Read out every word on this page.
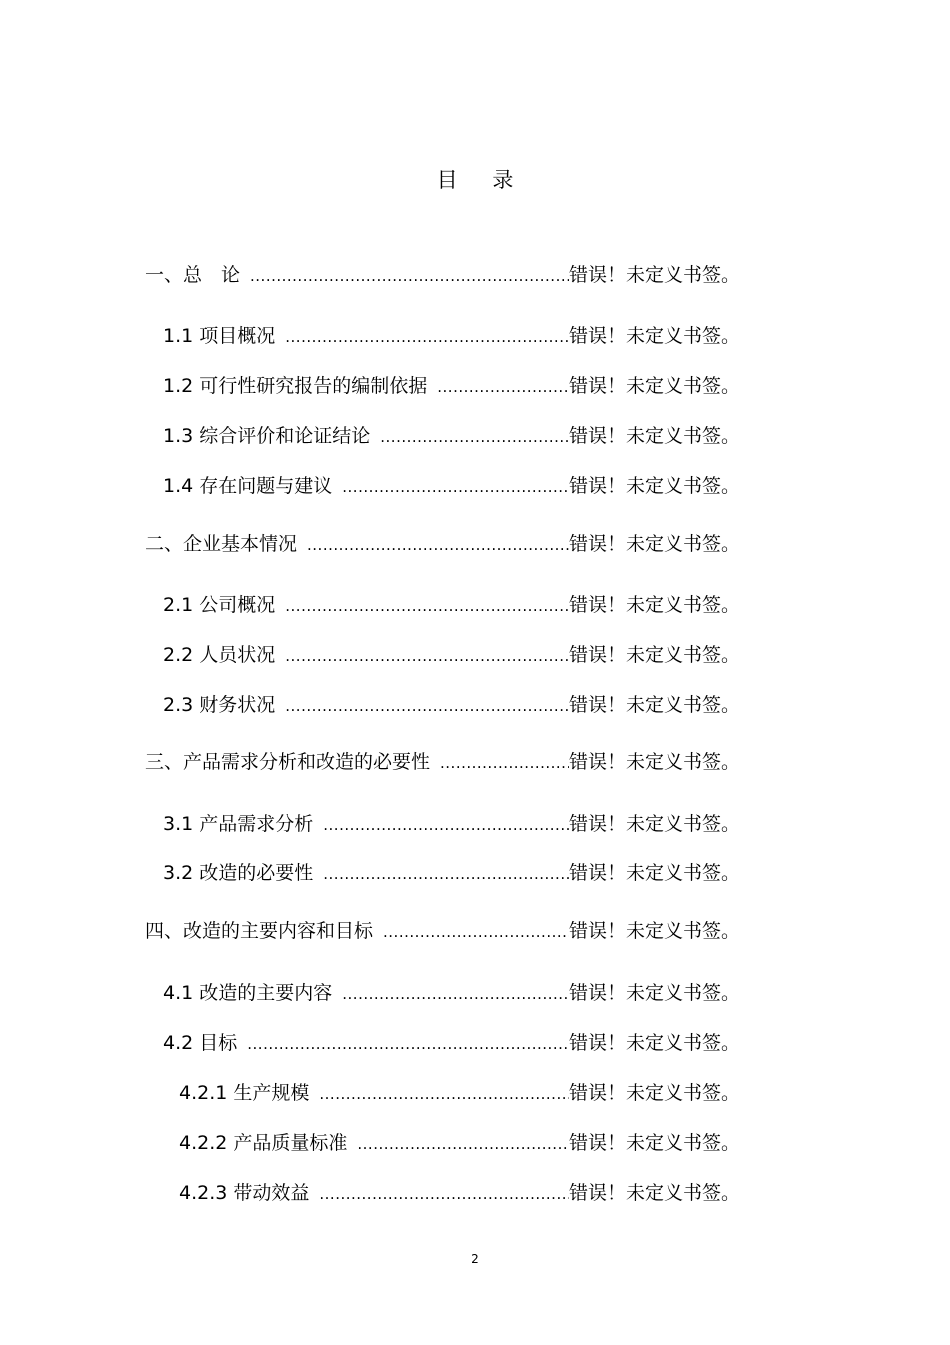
目 录
一、总　论 .....	错误！未定义书签。
1.1 项目概况 .....	错误！未定义书签。
1.2 可行性研究报告的编制依据 .....	错误！未定义书签。
1.3 综合评价和论证结论 .....	错误！未定义书签。
1.4 存在问题与建议 .....	错误！未定义书签。
二、企业基本情况 .....	错误！未定义书签。
2.1 公司概况 .....	错误！未定义书签。
2.2 人员状况 .....	错误！未定义书签。
2.3 财务状况 .....	错误！未定义书签。
三、产品需求分析和改造的必要性 .....	错误！未定义书签。
3.1 产品需求分析 .....	错误！未定义书签。
3.2 改造的必要性 .....	错误！未定义书签。
四、改造的主要内容和目标 .....	错误！未定义书签。
4.1 改造的主要内容 .....	错误！未定义书签。
4.2 目标 .....	错误！未定义书签。
4.2.1 生产规模 .....	错误！未定义书签。
4.2.2 产品质量标准 .....	错误！未定义书签。
4.2.3 带动效益 .....	错误！未定义书签。
2
